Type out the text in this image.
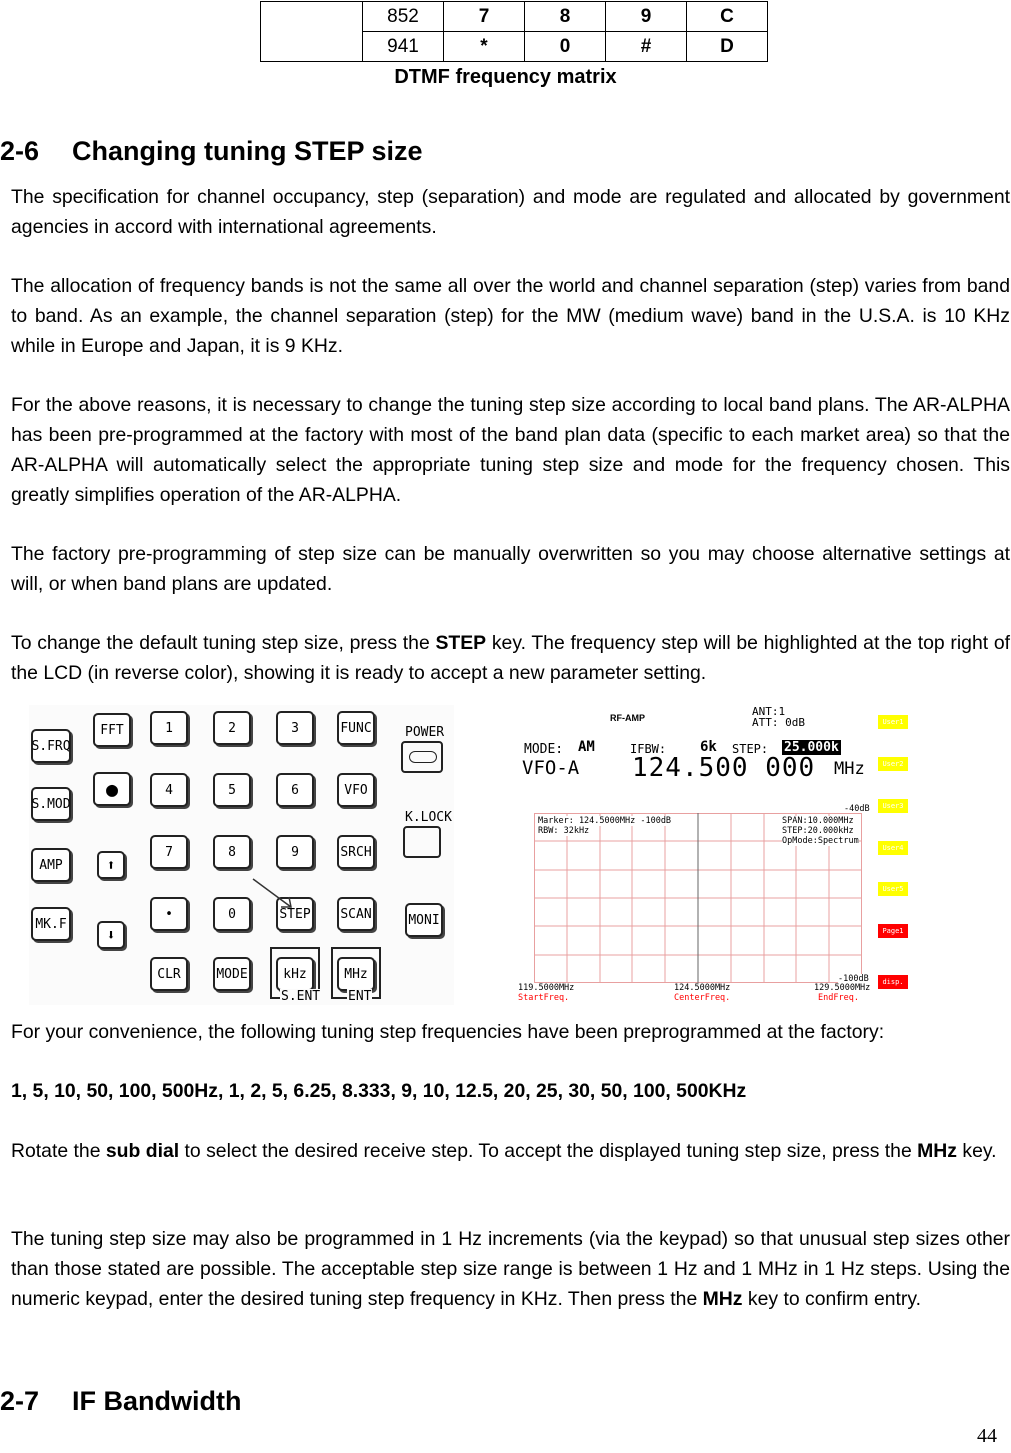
	852	7	8	9	C
	941	*	0	#	D
DTMF frequency matrix
2-6 Changing tuning STEP size
The specification for channel occupancy, step (separation) and mode are regulated and allocated by government agencies in accord with international agreements.
The allocation of frequency bands is not the same all over the world and channel separation (step) varies from band to band. As an example, the channel separation (step) for the MW (medium wave) band in the U.S.A. is 10 KHz while in Europe and Japan, it is 9 KHz.
For the above reasons, it is necessary to change the tuning step size according to local band plans. The AR-ALPHA has been pre-programmed at the factory with most of the band plan data (specific to each market area) so that the AR-ALPHA will automatically select the appropriate tuning step size and mode for the frequency chosen. This greatly simplifies operation of the AR-ALPHA.
The factory pre-programming of step size can be manually overwritten so you may choose alternative settings at will, or when band plans are updated.
To change the default tuning step size, press the STEP key. The frequency step will be highlighted at the top right of the LCD (in reverse color), showing it is ready to accept a new parameter setting.
S.FRQ
S.MOD
AMP
MK.F
FFT
●
⬆
⬇
1	2	3	FUNC
4	5	6	VFO
7	8	9	SRCH
•	0	STEP SCAN
CLR	MODE	kHz	MHz
S.ENT ENT
POWER
K.LOCK
MONI
RF-AMP	ANT:1
ATT: 0dB
MODE: AM	IFBW: 6k STEP: 25.000k
VFO-A 124.500 000 MHz
Marker: 124.5000MHz -100dB
RBW: 32kHz
SPAN:10.000MHz
STEP:20.000kHz
OpMode:Spectrum
-40dB
-100dB
119.5000MHz	124.5000MHz	129.5000MHz
StartFreq.	CenterFreq.	EndFreq.
User1
User2
User3
User4
User5
Page1
disp.
For your convenience, the following tuning step frequencies have been preprogrammed at the factory:
1, 5, 10, 50, 100, 500Hz, 1, 2, 5, 6.25, 8.333, 9, 10, 12.5, 20, 25, 30, 50, 100, 500KHz
Rotate the sub dial to select the desired receive step. To accept the displayed tuning step size, press the MHz key.
The tuning step size may also be programmed in 1 Hz increments (via the keypad) so that unusual step sizes other than those stated are possible. The acceptable step size range is between 1 Hz and 1 MHz in 1 Hz steps. Using the numeric keypad, enter the desired tuning step frequency in KHz. Then press the MHz key to confirm entry.
2-7 IF Bandwidth
44
